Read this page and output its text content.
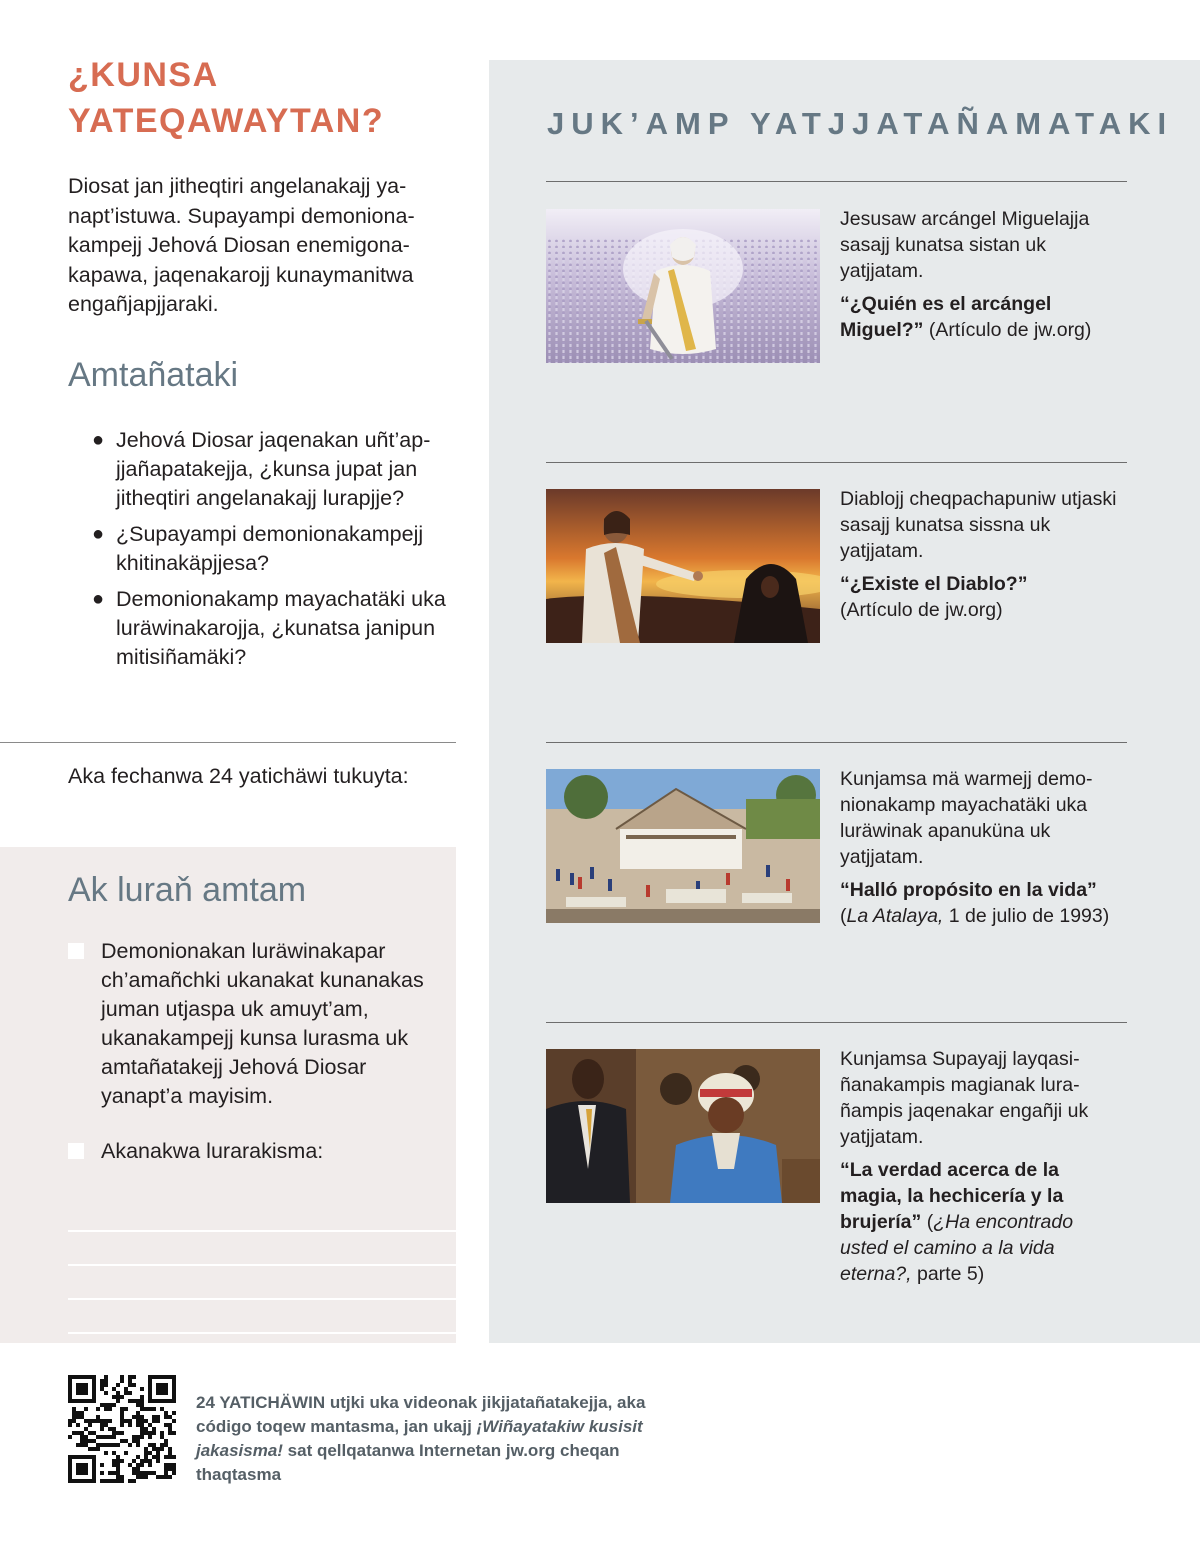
¿KUNSA
YATEQAWAYTAN?

Diosat jan jitheqtiri angelanakajj yanapt’istuwa. Supayampi demonionakampejj Jehová Diosan enemigonakapawa, jaqenakarojj kunaymanitwa engañjapjjaraki.

Amtañataki
● Jehová Diosar jaqenakan uñt’apjjañapatakejja, ¿kunsa jupat jan jitheqtiri angelanakajj lurapjje?
● ¿Supayampi demonionakampejj khitinakäpjjesa?
● Demonionakamp mayachatäki uka luräwinakarojja, ¿kunatsa janipun mitisiñamäki?

Aka fechanwa 24 yatichäwi tukuyta:

Ak luraň amtam
Demonionakan luräwinakapar ch’amañchki ukanakat kunanakas juman utjaspa uk amuyt’am, ukanakampejj kunsa lurasma uk amtañatakejj Jehová Diosar yanapt’a mayisim.
Akanakwa lurarakisma:
JUK’AMP YATJJATAÑAMATAKI
Jesusaw arcángel Miguelajja sasajj kunatsa sistan uk yatjjatam.
“¿Quién es el arcángel Miguel?” (Artículo de jw.org)
Diablojj cheqpachapuniw utjaski sasajj kunatsa sissna uk yatjjatam.
“¿Existe el Diablo?”
(Artículo de jw.org)
Kunjamsa mä warmejj demonionakamp mayachatäki uka luräwinak apanuküna uk yatjjatam.
“Halló propósito en la vida”
(La Atalaya, 1 de julio de 1993)
Kunjamsa Supayajj layqasiñanakampis magianak lurañampis jaqenakar engañji uk yatjjatam.
“La verdad acerca de la magia, la hechicería y la brujería” (¿Ha encontrado usted el camino a la vida eterna?, parte 5)

24 YATICHÄWIN utjki uka videonak jikjjatañatakejja, aka código toqew mantasma, jan ukajj ¡Wiñayatakiw kusisit jakasisma! sat qellqatanwa Internetan jw.org cheqan thaqtasma
